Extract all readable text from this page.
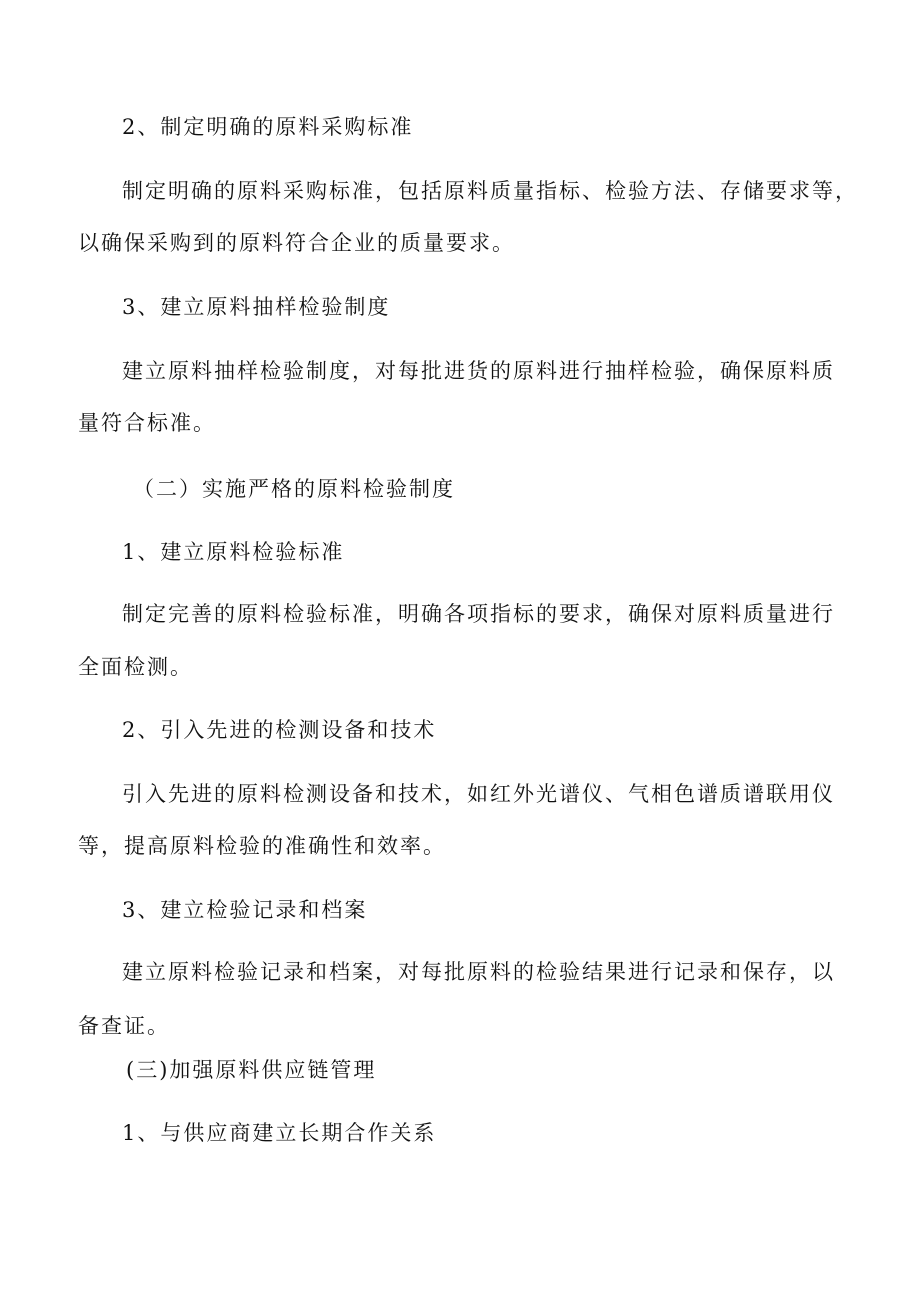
2、制定明确的原料采购标准
制定明确的原料采购标准，包括原料质量指标、检验方法、存储要求等，
以确保采购到的原料符合企业的质量要求。
3、建立原料抽样检验制度
建立原料抽样检验制度，对每批进货的原料进行抽样检验，确保原料质
量符合标准。
（二）实施严格的原料检验制度
1、建立原料检验标准
制定完善的原料检验标准，明确各项指标的要求，确保对原料质量进行
全面检测。
2、引入先进的检测设备和技术
引入先进的原料检测设备和技术，如红外光谱仪、气相色谱质谱联用仪
等，提高原料检验的准确性和效率。
3、建立检验记录和档案
建立原料检验记录和档案，对每批原料的检验结果进行记录和保存，以
备查证。
(三)加强原料供应链管理
1、与供应商建立长期合作关系
